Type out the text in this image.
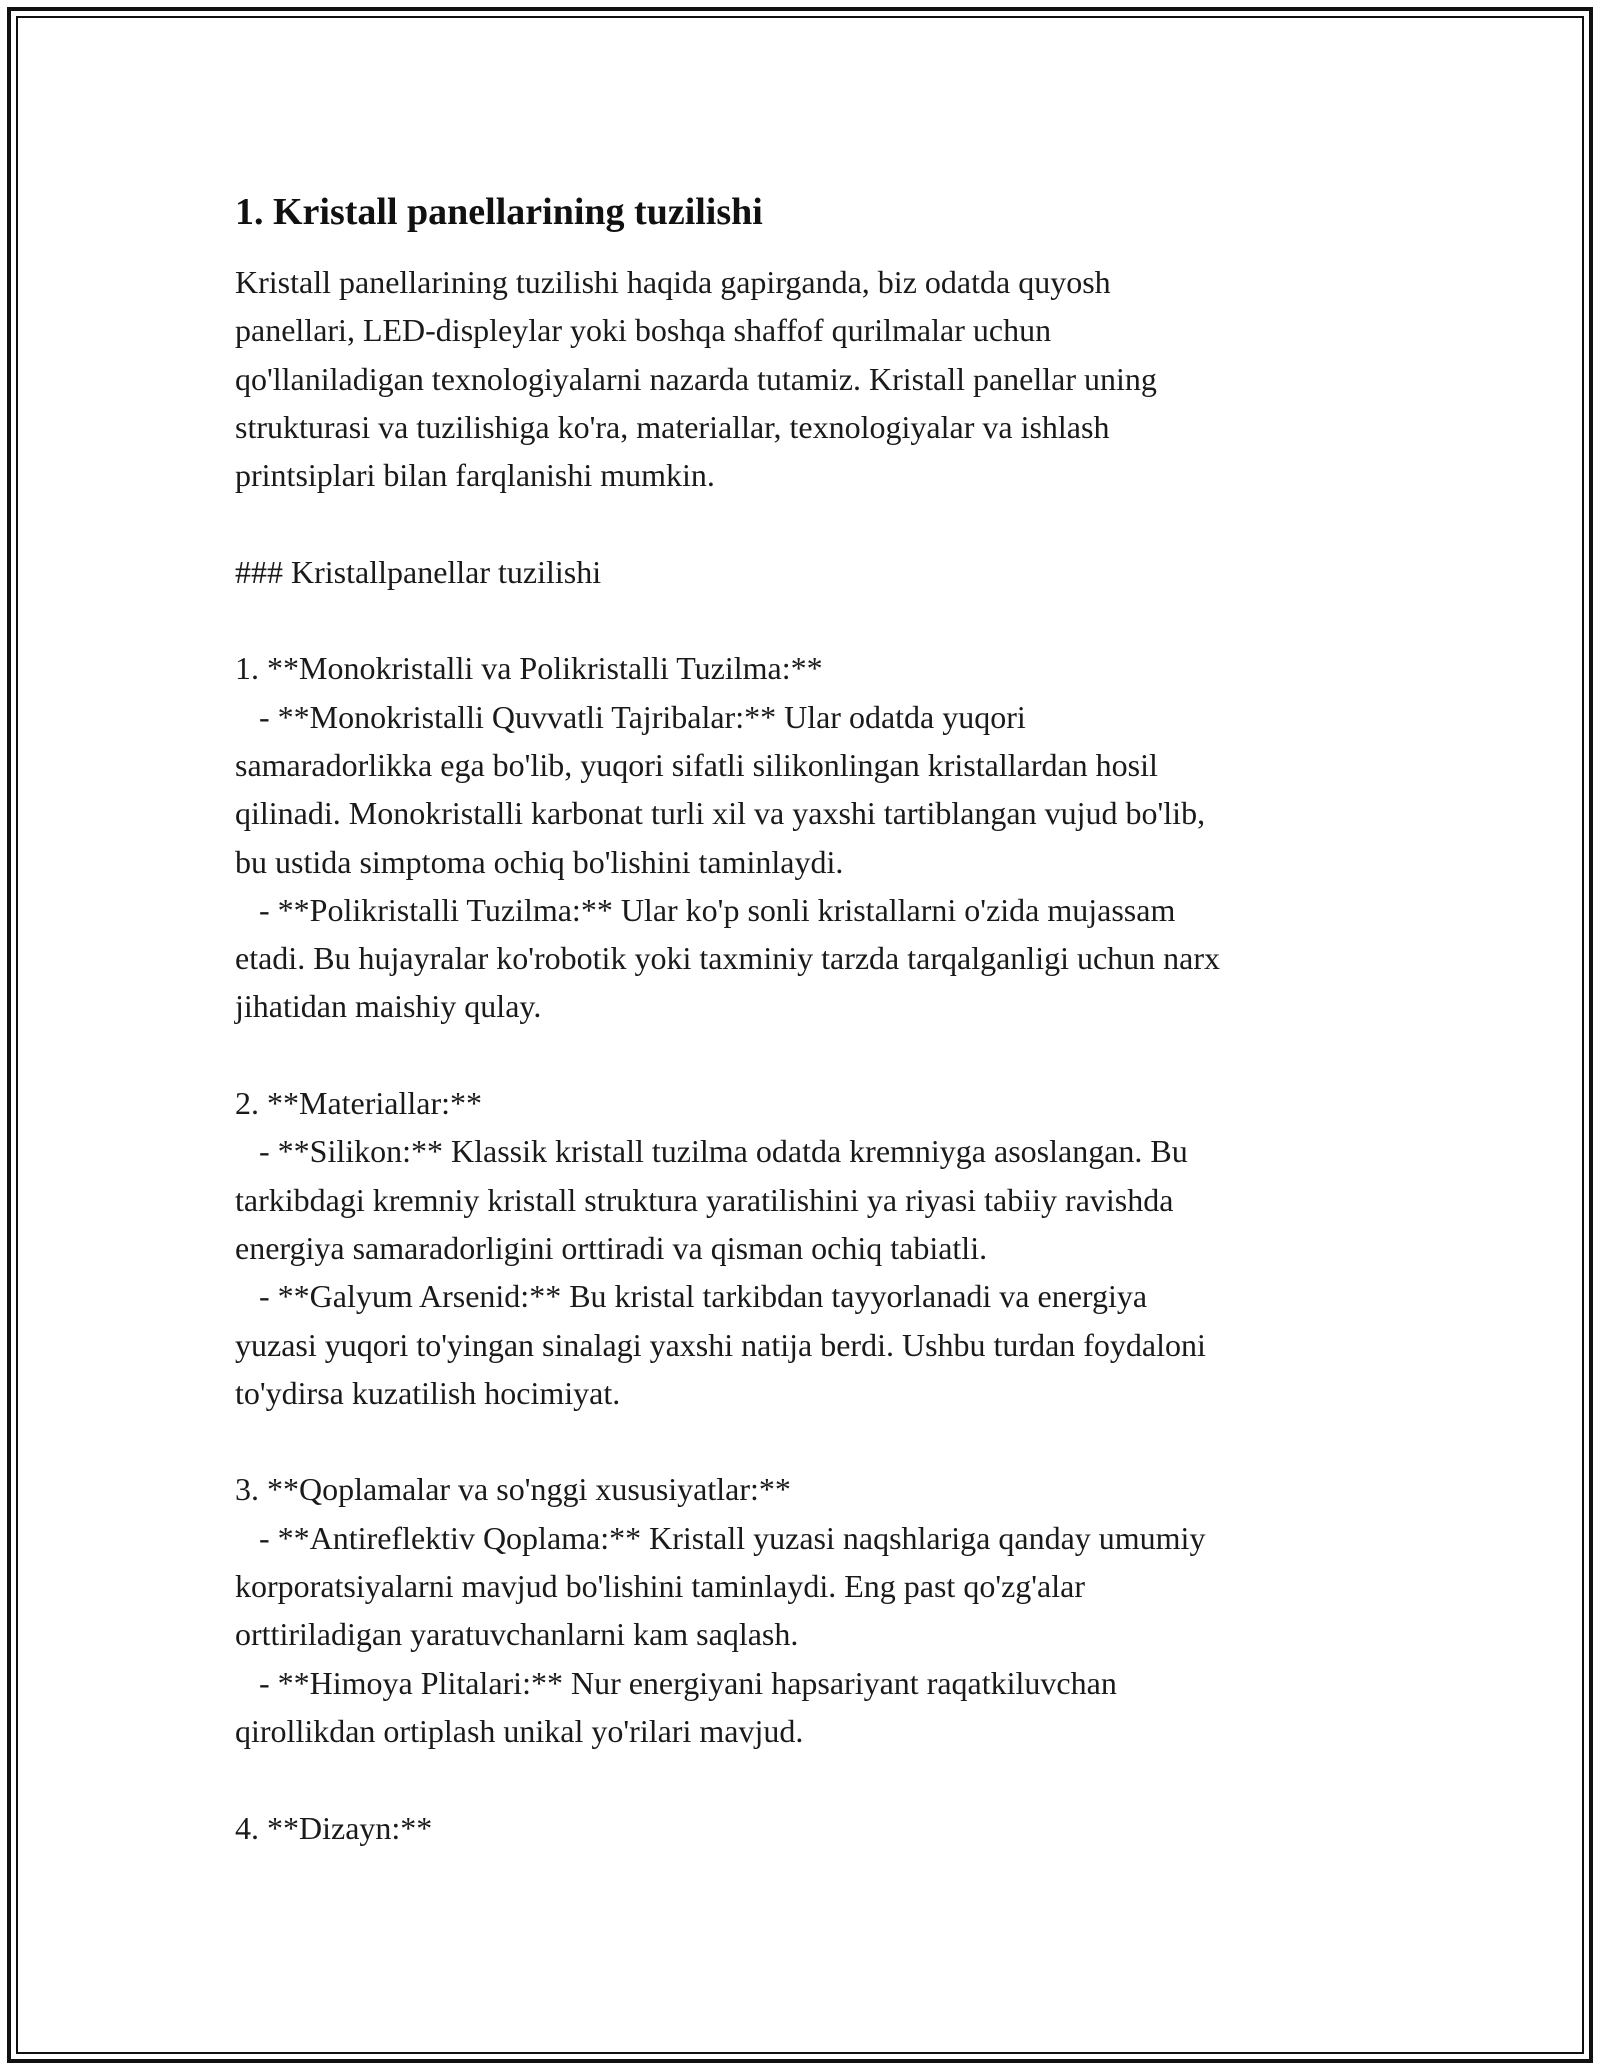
1. Kristall panellarining tuzilishi

Kristall panellarining tuzilishi haqida gapirganda, biz odatda quyosh
panellari, LED-displeylar yoki boshqa shaffof qurilmalar uchun
qo'llaniladigan texnologiyalarni nazarda tutamiz. Kristall panellar uning
strukturasi va tuzilishiga ko'ra, materiallar, texnologiyalar va ishlash
printsiplari bilan farqlanishi mumkin.

### Kristallpanellar tuzilishi

1. **Monokristalli va Polikristalli Tuzilma:**
- **Monokristalli Quvvatli Tajribalar:** Ular odatda yuqori
samaradorlikka ega bo'lib, yuqori sifatli silikonlingan kristallardan hosil
qilinadi. Monokristalli karbonat turli xil va yaxshi tartiblangan vujud bo'lib,
bu ustida simptoma ochiq bo'lishini taminlaydi.
- **Polikristalli Tuzilma:** Ular ko'p sonli kristallarni o'zida mujassam
etadi. Bu hujayralar ko'robotik yoki taxminiy tarzda tarqalganligi uchun narx
jihatidan maishiy qulay.

2. **Materiallar:**
- **Silikon:** Klassik kristall tuzilma odatda kremniyga asoslangan. Bu
tarkibdagi kremniy kristall struktura yaratilishini ya riyasi tabiiy ravishda
energiya samaradorligini orttiradi va qisman ochiq tabiatli.
- **Galyum Arsenid:** Bu kristal tarkibdan tayyorlanadi va energiya
yuzasi yuqori to'yingan sinalagi yaxshi natija berdi. Ushbu turdan foydaloni
to'ydirsa kuzatilish hocimiyat.

3. **Qoplamalar va so'nggi xususiyatlar:**
- **Antireflektiv Qoplama:** Kristall yuzasi naqshlariga qanday umumiy
korporatsiyalarni mavjud bo'lishini taminlaydi. Eng past qo'zg'alar
orttiriladigan yaratuvchanlarni kam saqlash.
- **Himoya Plitalari:** Nur energiyani hapsariyant raqatkiluvchan
qirollikdan ortiplash unikal yo'rilari mavjud.

4. **Dizayn:**
